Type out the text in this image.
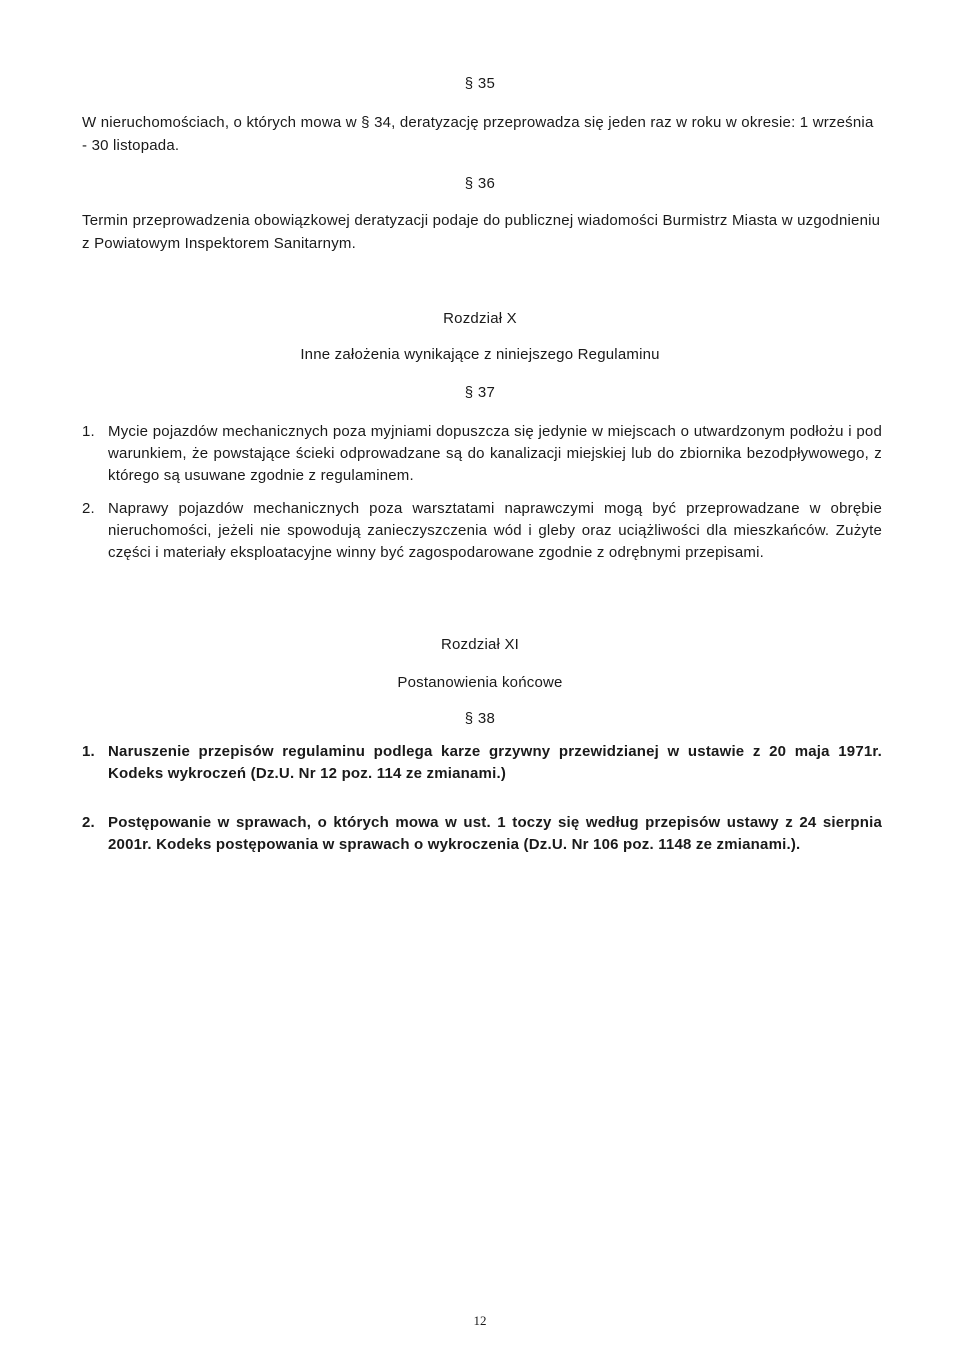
§ 35
W nieruchomościach, o których mowa w § 34, deratyzację przeprowadza się jeden raz w roku w okresie: 1 września - 30 listopada.
§ 36
Termin przeprowadzenia obowiązkowej deratyzacji podaje do publicznej wiadomości Burmistrz Miasta w uzgodnieniu z Powiatowym Inspektorem Sanitarnym.
Rozdział X
Inne założenia wynikające z niniejszego Regulaminu
§ 37
1. Mycie pojazdów mechanicznych poza myjniami dopuszcza się jedynie w miejscach o utwardzonym podłożu i pod warunkiem, że powstające ścieki odprowadzane są do kanalizacji miejskiej lub do zbiornika bezodpływowego, z którego są usuwane zgodnie z regulaminem.
2. Naprawy pojazdów mechanicznych poza warsztatami naprawczymi mogą być przeprowadzane w obrębie nieruchomości, jeżeli nie spowodują zanieczyszczenia wód i gleby oraz uciążliwości dla mieszkańców. Zużyte części i materiały eksploatacyjne winny być zagospodarowane zgodnie z odrębnymi przepisami.
Rozdział XI
Postanowienia końcowe
§ 38
1. Naruszenie przepisów regulaminu podlega karze grzywny przewidzianej w ustawie z 20 maja 1971r. Kodeks wykroczeń (Dz.U. Nr 12 poz. 114 ze zmianami.)
2. Postępowanie w sprawach, o których mowa w ust. 1 toczy się według przepisów ustawy z 24 sierpnia 2001r. Kodeks postępowania w sprawach o wykroczenia (Dz.U. Nr 106 poz. 1148 ze zmianami.).
12
